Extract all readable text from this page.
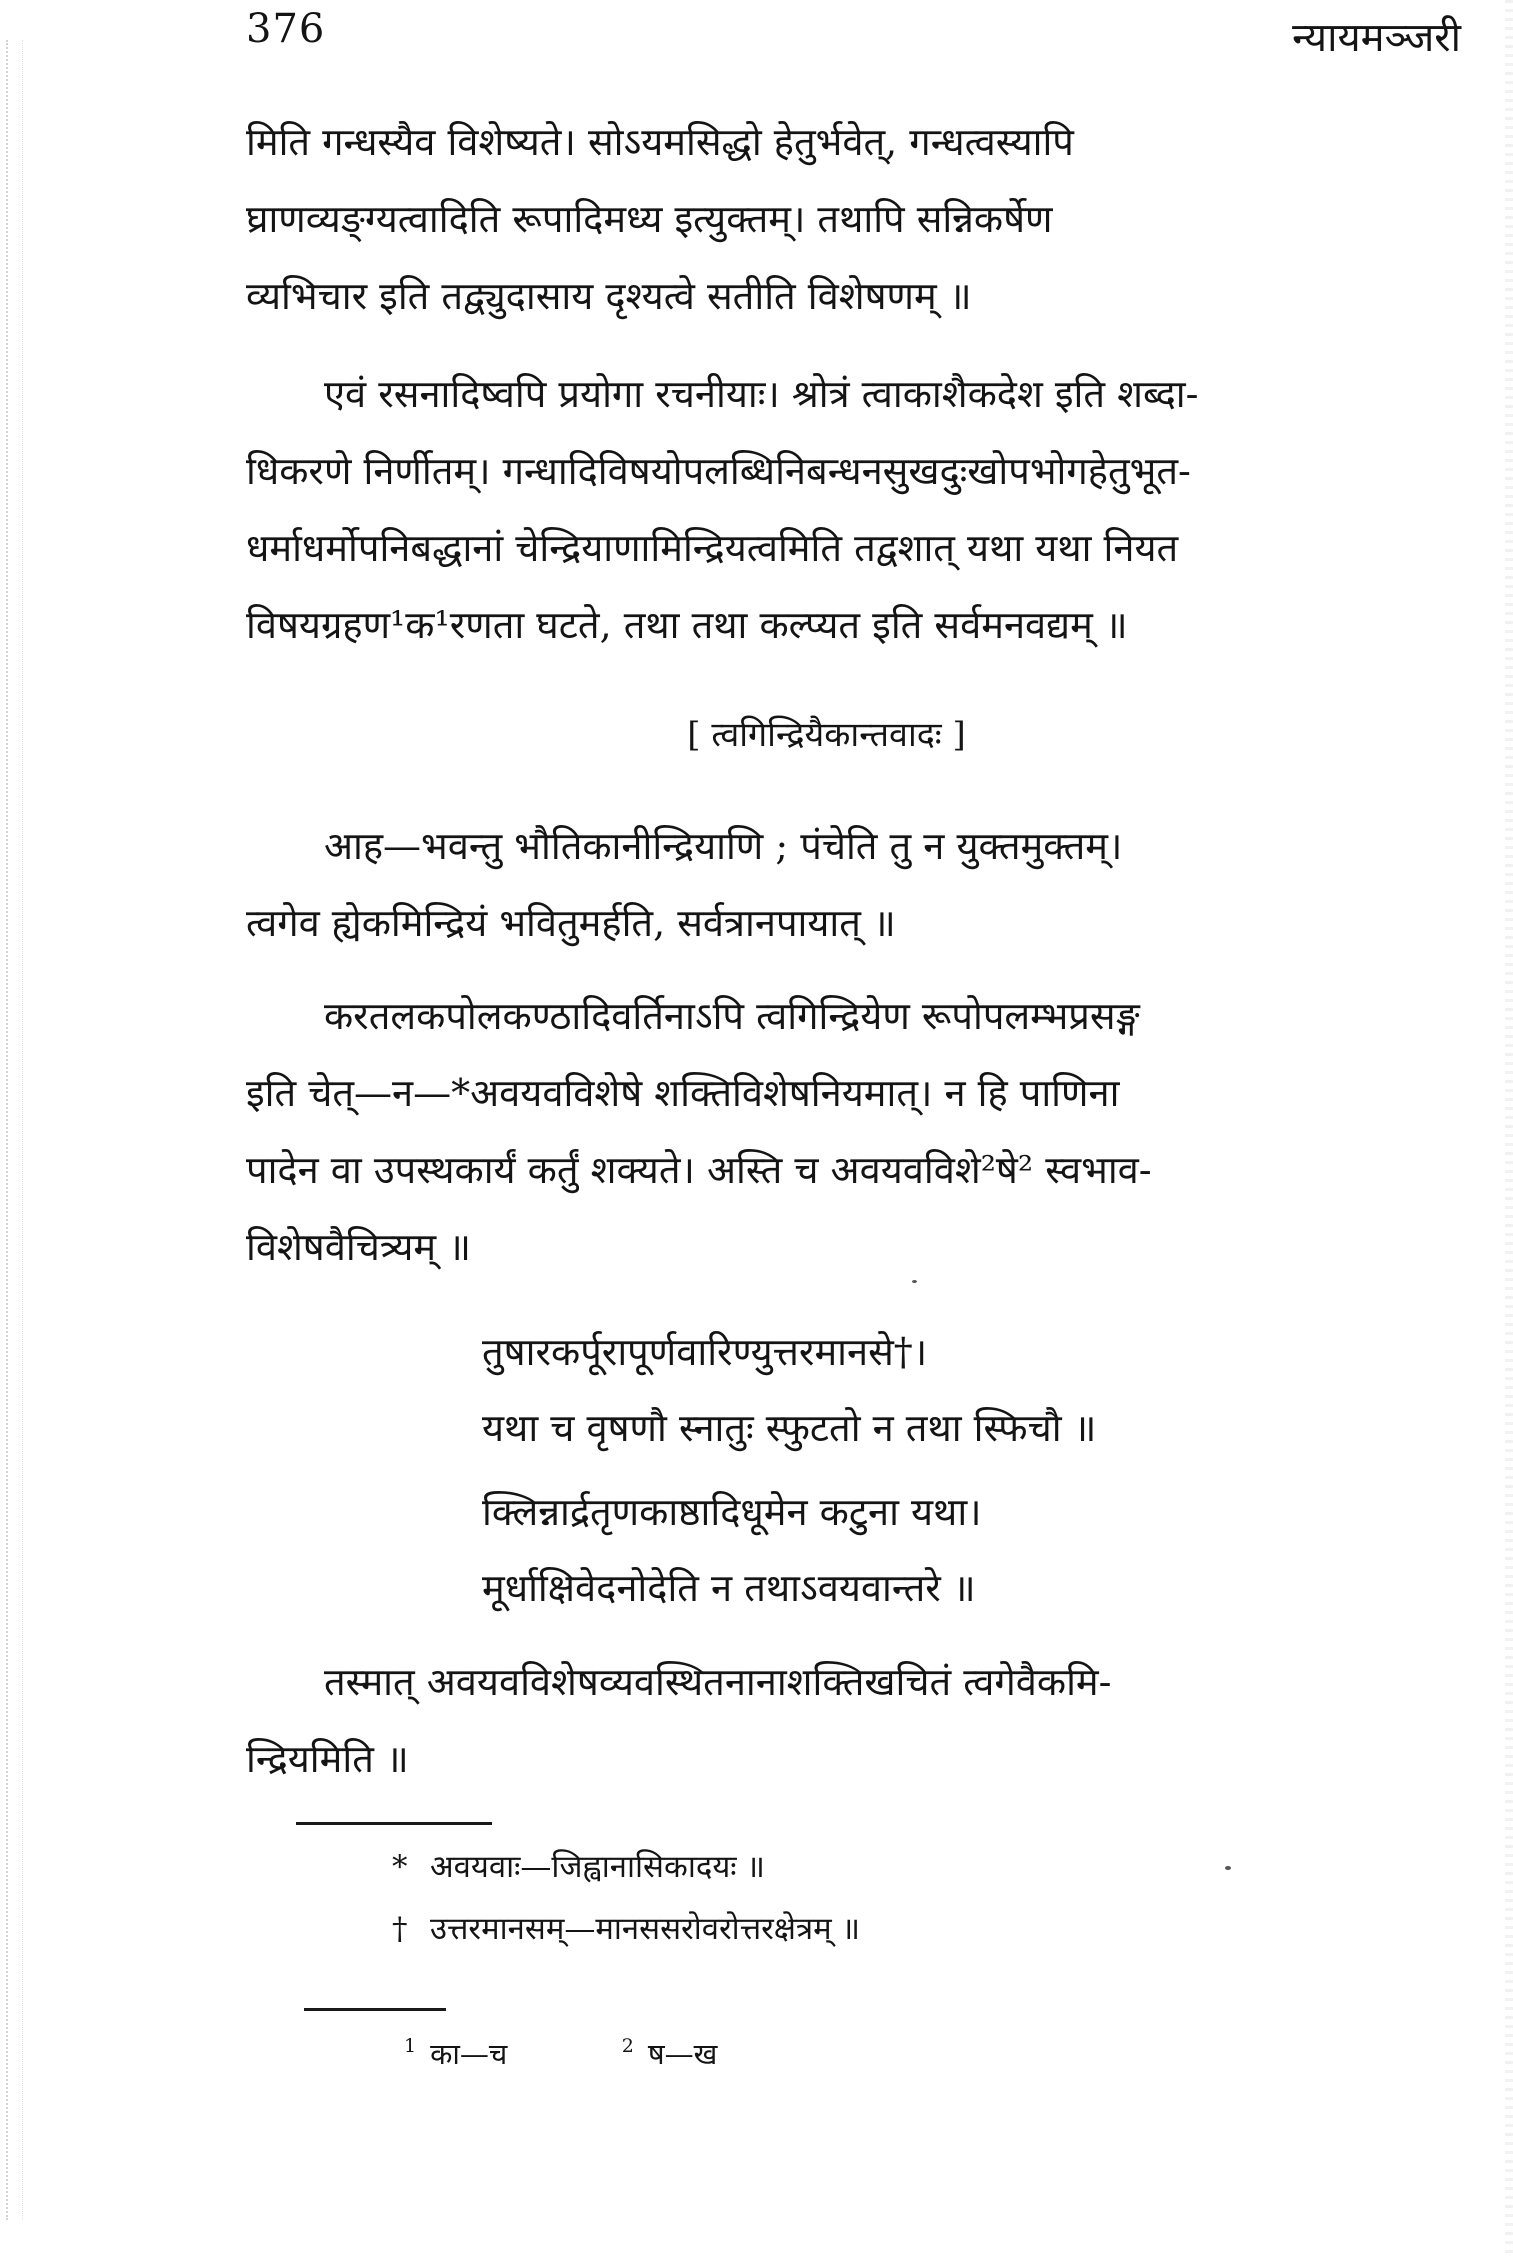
376	न्यायमञ्जरी
मिति गन्धस्यैव विशेष्यते। सोऽयमसिद्धो हेतुर्भवेत्, गन्धत्वस्यापि
घ्राणव्यङ्ग्यत्वादिति रूपादिमध्य इत्युक्तम्। तथापि सन्निकर्षेण
व्यभिचार इति तद्व्युदासाय दृश्यत्वे सतीति विशेषणम् ॥
एवं रसनादिष्वपि प्रयोगा रचनीयाः। श्रोत्रं त्वाकाशैकदेश इति शब्दा-
धिकरणे निर्णीतम्। गन्धादिविषयोपलब्धिनिबन्धनसुखदुःखोपभोगहेतुभूत-
धर्माधर्मोपनिबद्धानां चेन्द्रियाणामिन्द्रियत्वमिति तद्वशात् यथा यथा नियत
विषयग्रहण¹क¹रणता घटते, तथा तथा कल्प्यत इति सर्वमनवद्यम् ॥
[ त्वगिन्द्रियैकान्तवादः ]
आह—भवन्तु भौतिकानीन्द्रियाणि ; पंचेति तु न युक्तमुक्तम्।
त्वगेव ह्येकमिन्द्रियं भवितुमर्हति, सर्वत्रानपायात् ॥
करतलकपोलकण्ठादिवर्तिनाऽपि त्वगिन्द्रियेण रूपोपलम्भप्रसङ्ग
इति चेत्—न—*अवयवविशेषे शक्तिविशेषनियमात्। न हि पाणिना
पादेन वा उपस्थकार्यं कर्तुं शक्यते। अस्ति च अवयवविशे²षे² स्वभाव-
विशेषवैचित्र्यम् ॥
तुषारकर्पूरापूर्णवारिण्युत्तरमानसे†।
यथा च वृषणौ स्नातुः स्फुटतो न तथा स्फिचौ ॥
क्लिन्नार्द्रतृणकाष्ठादिधूमेन कटुना यथा।
मूर्धाक्षिवेदनोदेति न तथाऽवयवान्तरे ॥
तस्मात् अवयवविशेषव्यवस्थितनानाशक्तिखचितं त्वगेवैकमि-
न्द्रियमिति ॥
* अवयवाः—जिह्वानासिकादयः ॥
† उत्तरमानसम्—मानससरोवरोत्तरक्षेत्रम् ॥
$^1$ का—च	$^2$ ष—ख
